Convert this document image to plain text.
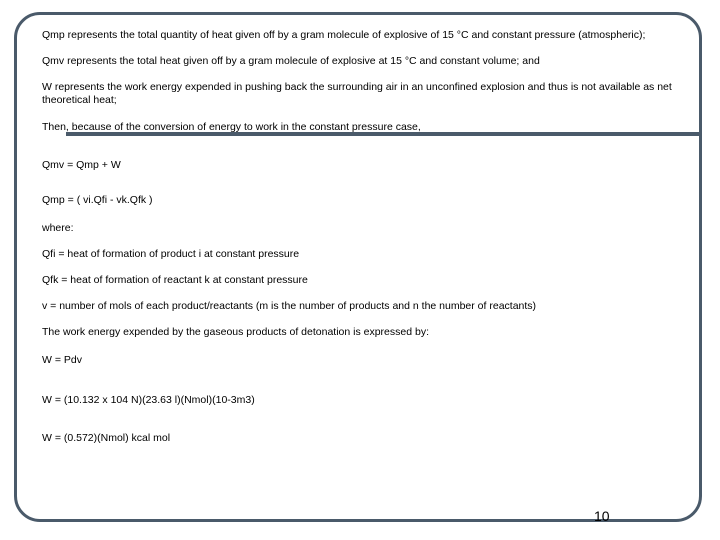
Qmp represents the total quantity of heat given off by a gram molecule of explosive of 15 °C and constant pressure (atmospheric);
Qmv represents the total heat given off by a gram molecule of explosive at 15 °C and constant volume; and
W represents the work energy expended in pushing back the surrounding air in an unconfined explosion and thus is not available as net theoretical heat;
Then, because of the conversion of energy to work in the constant pressure case,
Qmv = Qmp + W
Qmp = ( vi.Qfi - vk.Qfk )
where:
Qfi = heat of formation of product i at constant pressure
Qfk = heat of formation of reactant k at constant pressure
v = number of mols of each product/reactants (m is the number of products and n the number of reactants)
The work energy expended by the gaseous products of detonation is expressed by:
W = Pdv
W = (10.132 x 104 N)(23.63 l)(Nmol)(10-3m3)
W = (0.572)(Nmol) kcal mol
10
